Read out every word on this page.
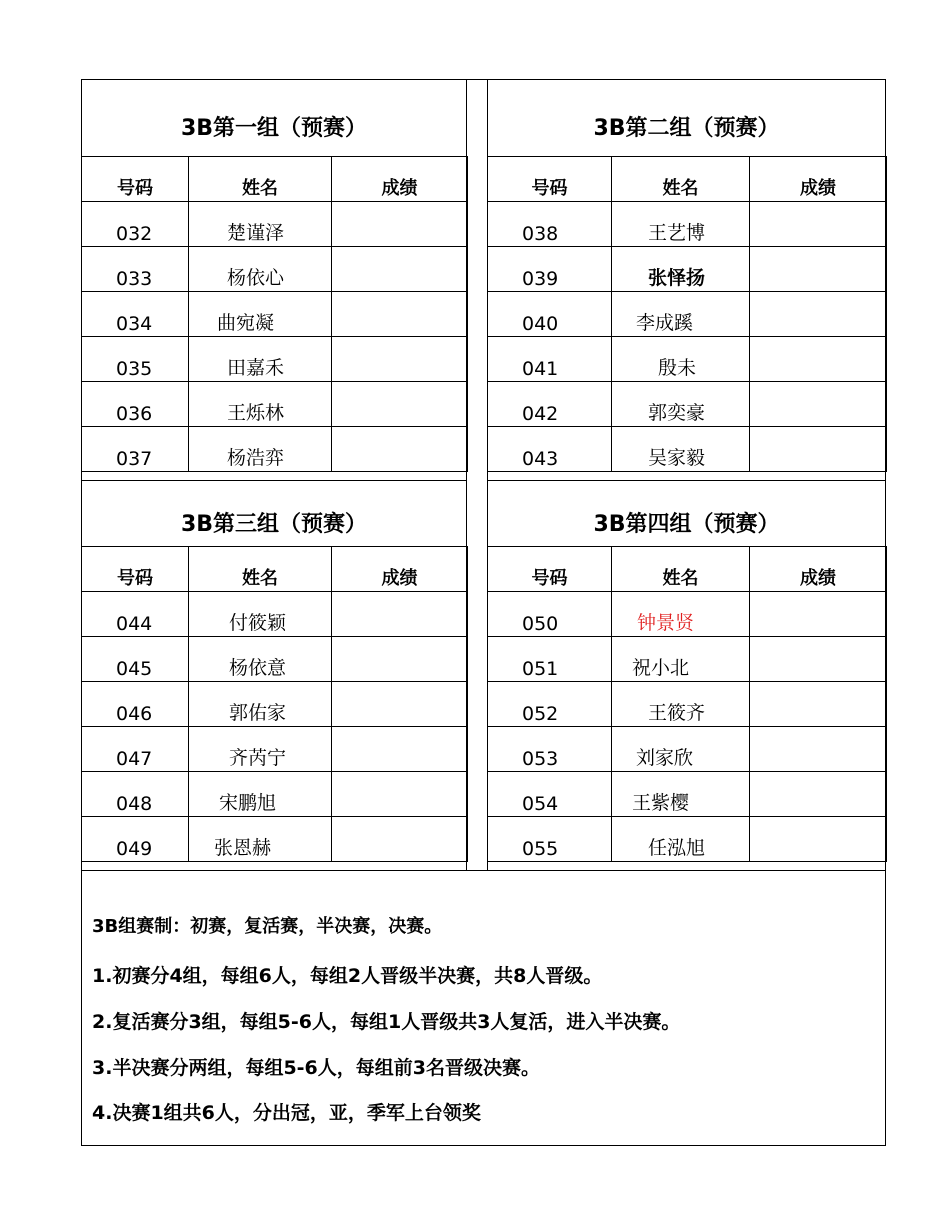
3B第一组（预赛）
号码	姓名	成绩
032	楚谨泽	
033	杨依心	
034	曲宛凝	
035	田嘉禾	
036	王烁林	
037	杨浩弈	
3B第二组（预赛）
号码	姓名	成绩
038	王艺博	
039	张怿扬	
040	李成蹊	
041	殷未	
042	郭奕豪	
043	吴家毅	
3B第三组（预赛）
号码	姓名	成绩
044	付筱颖	
045	杨依意	
046	郭佑家	
047	齐芮宁	
048	宋鹏旭	
049	张恩赫	
3B第四组（预赛）
号码	姓名	成绩
050	钟景贤	
051	祝小北	
052	王筱齐	
053	刘家欣	
054	王紫樱	
055	任泓旭	
3B组赛制：初赛，复活赛，半决赛，决赛。
1.初赛分4组，每组6人，每组2人晋级半决赛，共8人晋级。
2.复活赛分3组，每组5-6人，每组1人晋级共3人复活，进入半决赛。
3.半决赛分两组，每组5-6人，每组前3名晋级决赛。
4.决赛1组共6人，分出冠，亚，季军上台领奖
